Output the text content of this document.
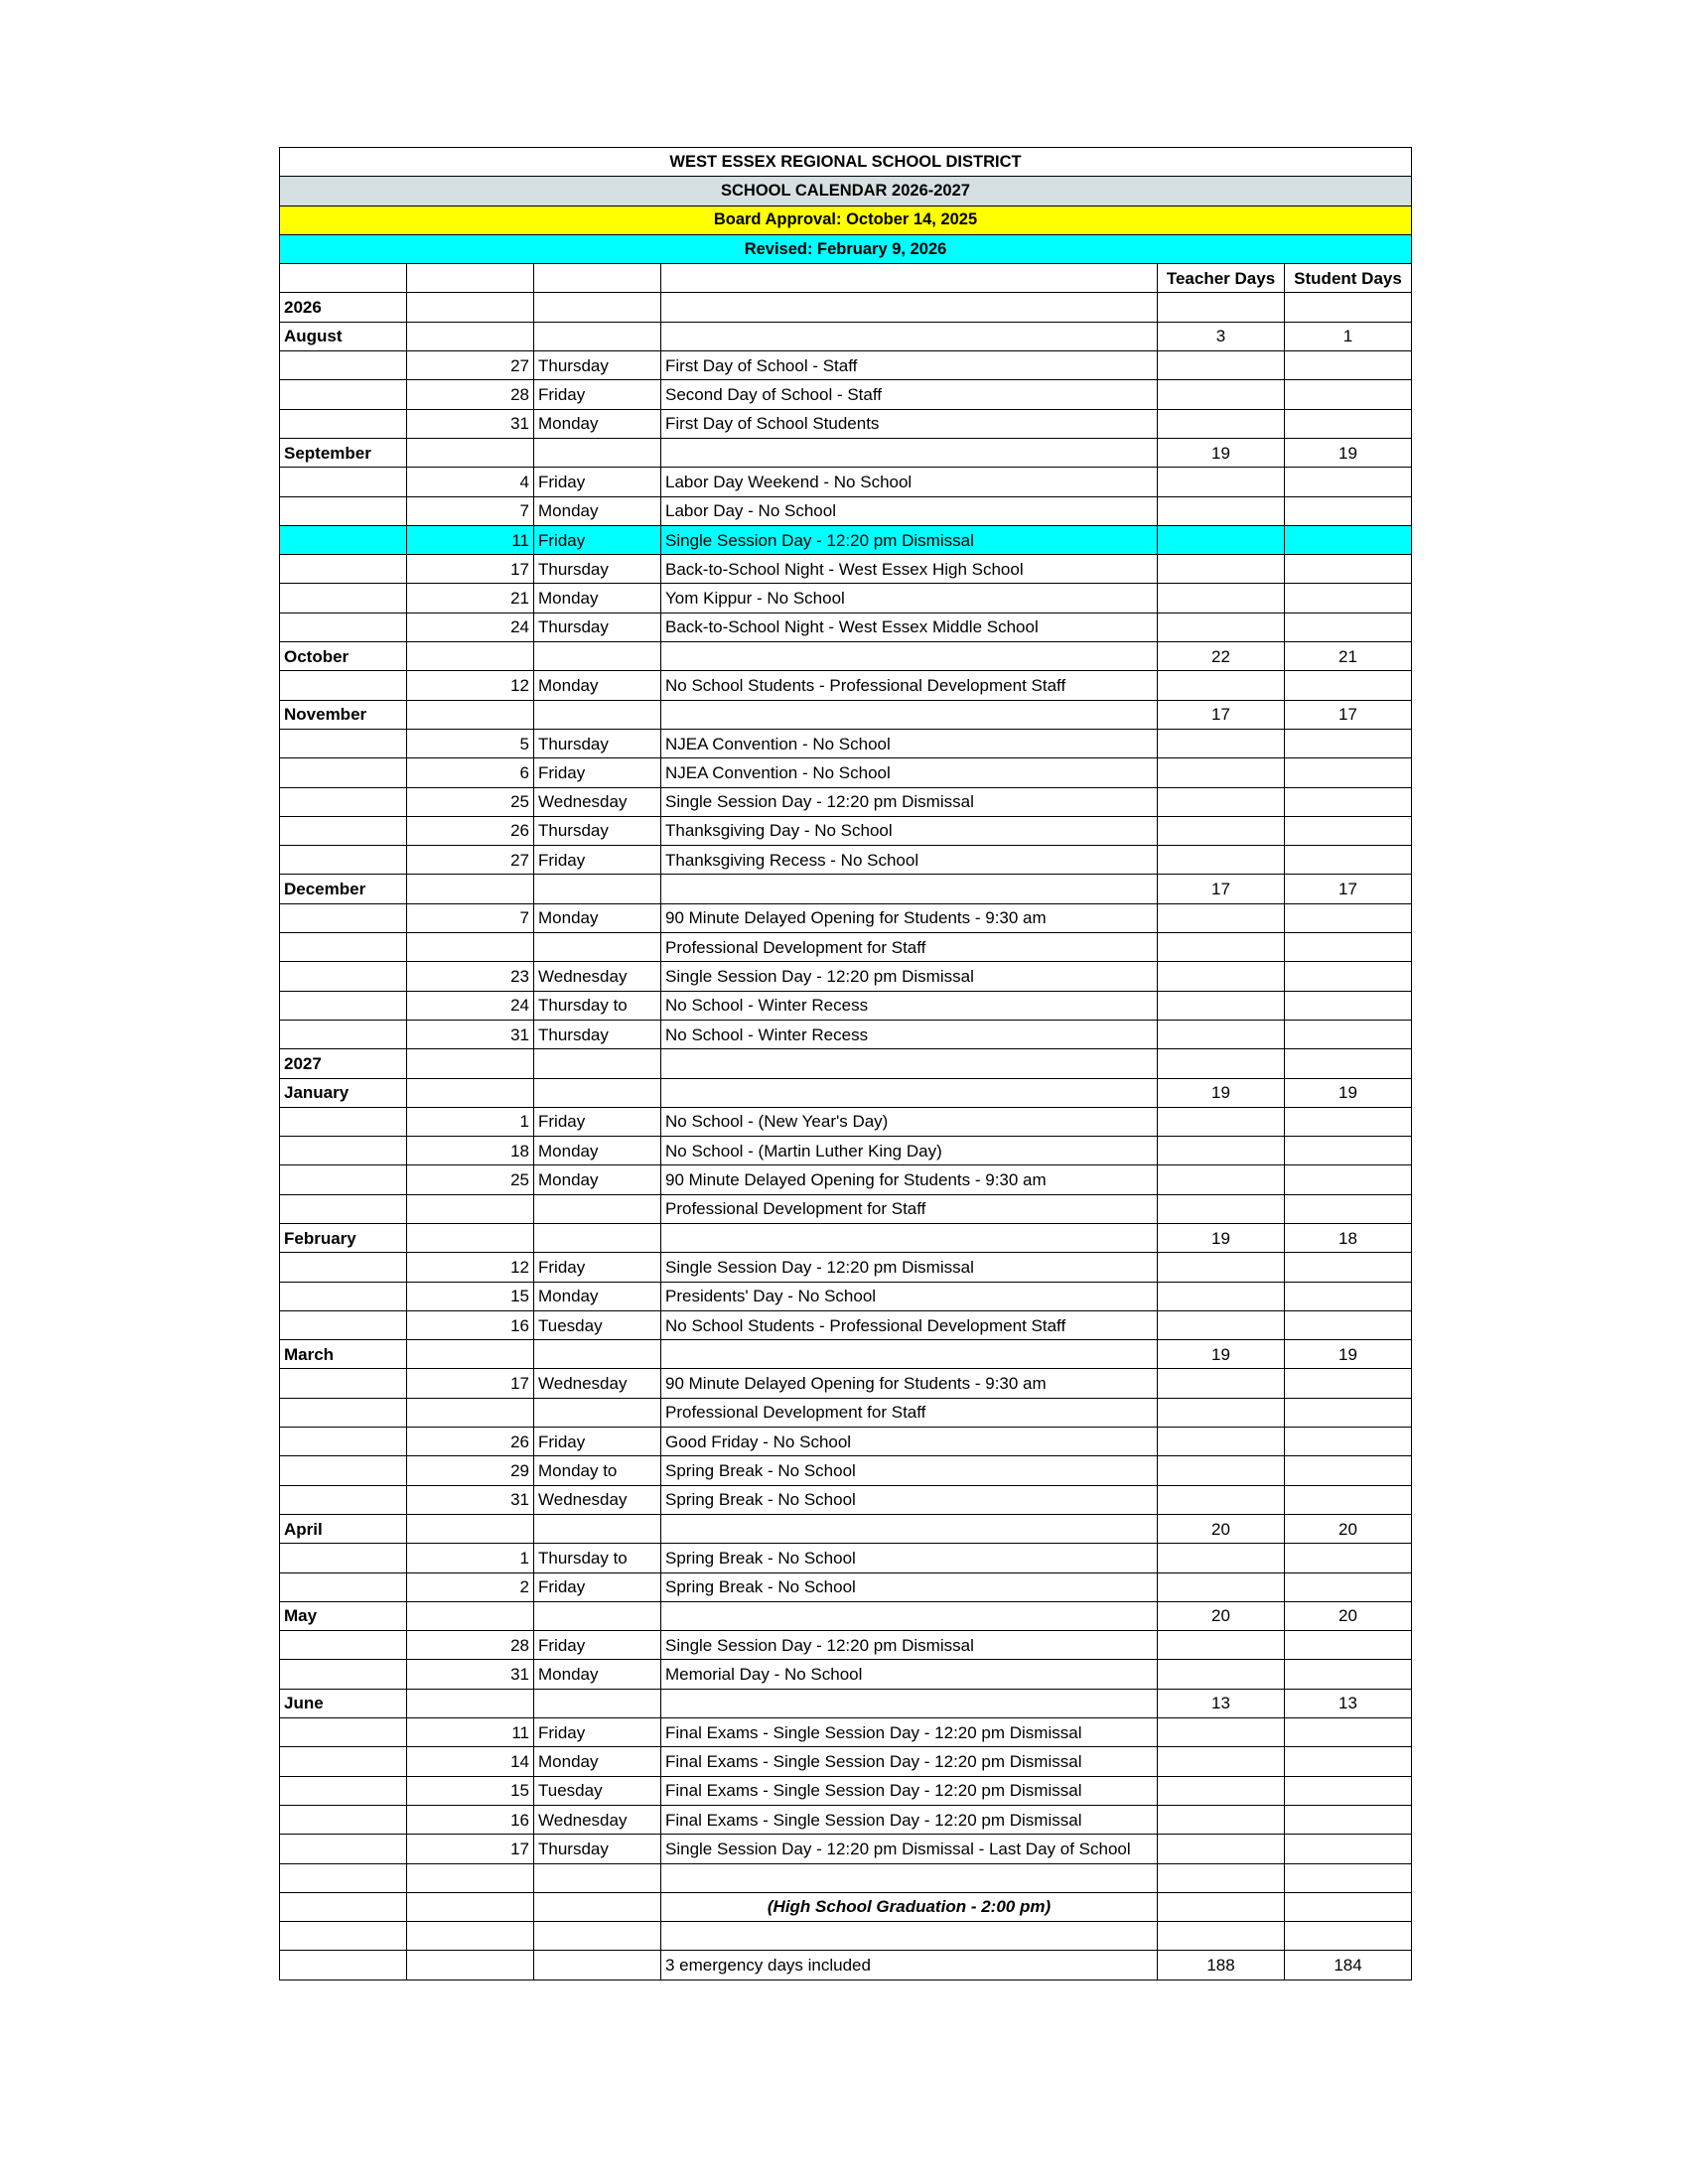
WEST ESSEX REGIONAL SCHOOL DISTRICT					
SCHOOL CALENDAR 2026-2027					
Board Approval: October 14, 2025					
Revised: February 9, 2026					
				Teacher Days	Student Days
2026					
August				3	1
	27	Thursday	First Day of School - Staff		
	28	Friday	Second Day of School - Staff		
	31	Monday	First Day of School Students		
September				19	19
	4	Friday	Labor Day Weekend - No School		
	7	Monday	Labor Day - No School		
	11	Friday	Single Session Day - 12:20 pm Dismissal		
	17	Thursday	Back-to-School Night - West Essex High School		
	21	Monday	Yom Kippur - No School		
	24	Thursday	Back-to-School Night - West Essex Middle School		
October				22	21
	12	Monday	No School Students - Professional Development Staff		
November				17	17
	5	Thursday	NJEA Convention - No School		
	6	Friday	NJEA Convention - No School		
	25	Wednesday	Single Session Day - 12:20 pm Dismissal		
	26	Thursday	Thanksgiving Day - No School		
	27	Friday	Thanksgiving Recess - No School		
December				17	17
	7	Monday	90 Minute Delayed Opening for Students - 9:30 am		
			Professional Development for Staff		
	23	Wednesday	Single Session Day - 12:20 pm Dismissal		
	24	Thursday to	No School - Winter Recess		
	31	Thursday	No School - Winter Recess		
2027					
January				19	19
	1	Friday	No School - (New Year's Day)		
	18	Monday	No School - (Martin Luther King Day)		
	25	Monday	90 Minute Delayed Opening for Students - 9:30 am		
			Professional Development for Staff		
February				19	18
	12	Friday	Single Session Day - 12:20 pm Dismissal		
	15	Monday	Presidents' Day - No School		
	16	Tuesday	No School Students - Professional Development Staff		
March				19	19
	17	Wednesday	90 Minute Delayed Opening for Students - 9:30 am		
			Professional Development for Staff		
	26	Friday	Good Friday - No School		
	29	Monday to	Spring Break - No School		
	31	Wednesday	Spring Break - No School		
April				20	20
	1	Thursday to	Spring Break - No School		
	2	Friday	Spring Break - No School		
May				20	20
	28	Friday	Single Session Day - 12:20 pm Dismissal		
	31	Monday	Memorial Day - No School		
June				13	13
	11	Friday	Final Exams - Single Session Day - 12:20 pm Dismissal		
	14	Monday	Final Exams - Single Session Day - 12:20 pm Dismissal		
	15	Tuesday	Final Exams - Single Session Day - 12:20 pm Dismissal		
	16	Wednesday	Final Exams - Single Session Day - 12:20 pm Dismissal		
	17	Thursday	Single Session Day - 12:20 pm Dismissal - Last Day of School		

			(High School Graduation - 2:00 pm)		

			3 emergency days included	188	184
